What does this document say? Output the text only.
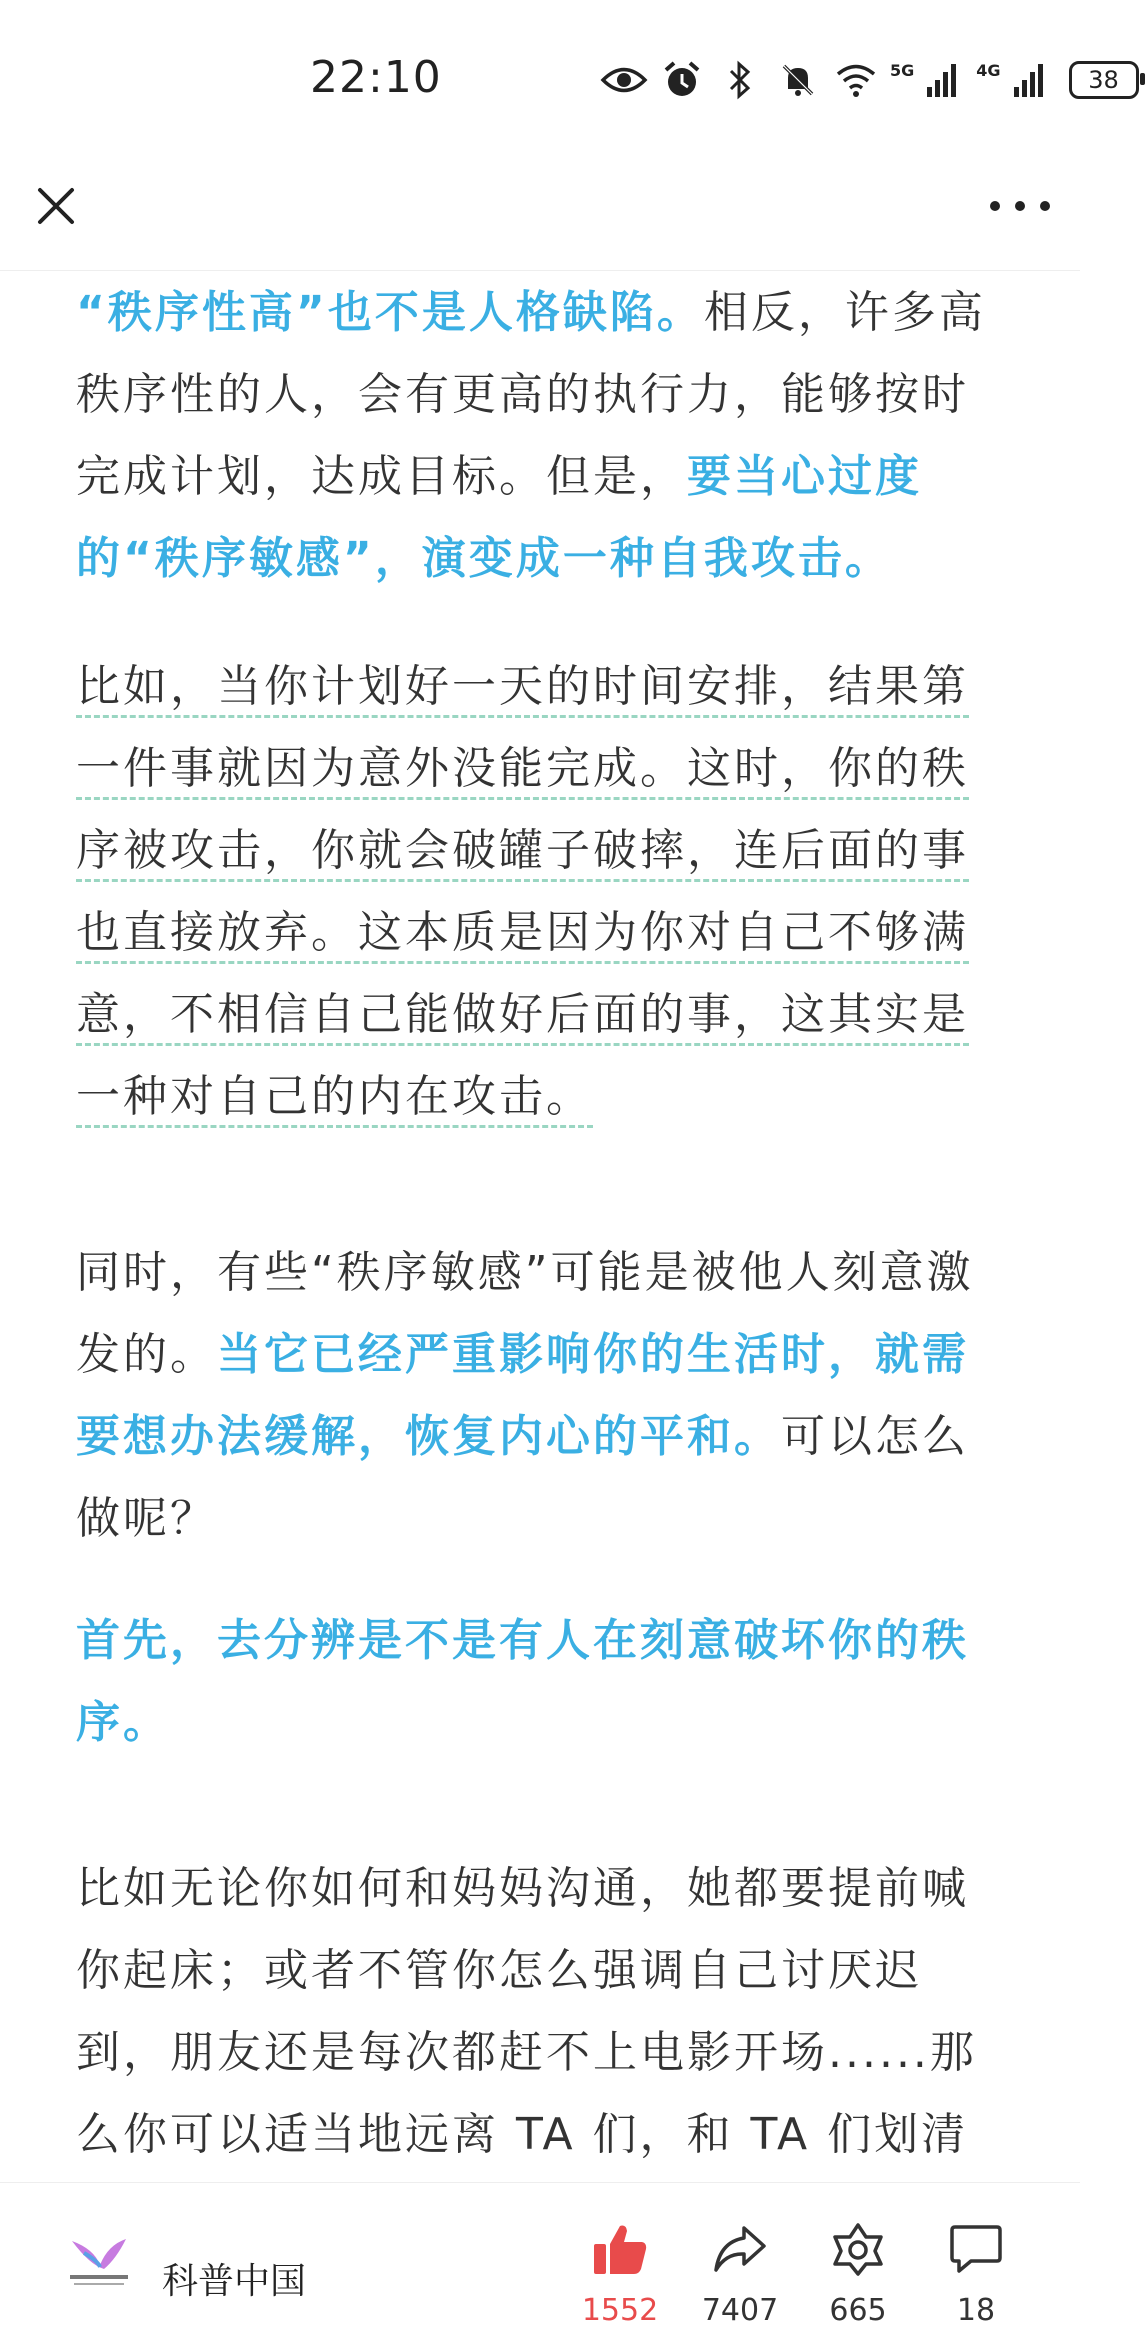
22:10	5G	4G	38

“秩序性高”也不是人格缺陷。相反，许多高秩序性的人，会有更高的执行力，能够按时完成计划，达成目标。但是，要当心过度的“秩序敏感”，演变成一种自我攻击。

比如，当你计划好一天的时间安排，结果第一件事就因为意外没能完成。这时，你的秩序被攻击，你就会破罐子破摔，连后面的事也直接放弃。这本质是因为你对自己不够满意，不相信自己能做好后面的事，这其实是一种对自己的内在攻击。

同时，有些“秩序敏感”可能是被他人刻意激发的。当它已经严重影响你的生活时，就需要想办法缓解，恢复内心的平和。可以怎么做呢？

首先，去分辨是不是有人在刻意破坏你的秩序。

比如无论你如何和妈妈沟通，她都要提前喊你起床；或者不管你怎么强调自己讨厌迟到，朋友还是每次都赶不上电影开场......那么你可以适当地远离 TA 们，和 TA 们划清

科普中国
1552 7407 665 18
